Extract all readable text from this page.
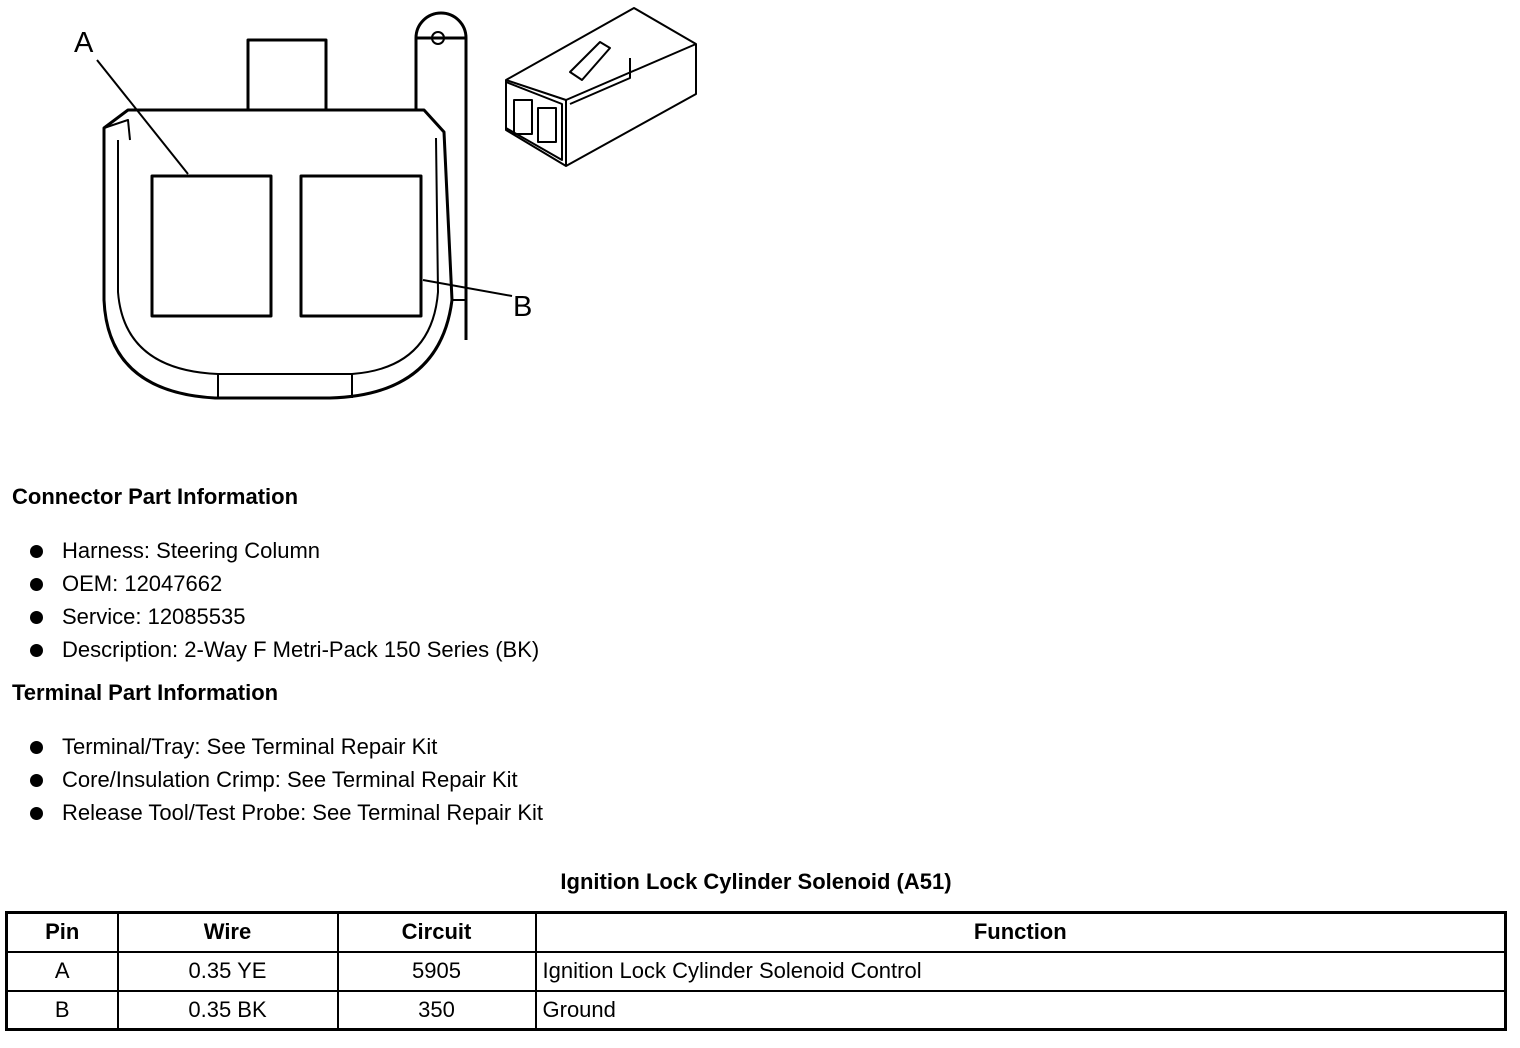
A
B
Connector Part Information
Harness: Steering Column
OEM: 12047662
Service: 12085535
Description: 2-Way F Metri-Pack 150 Series (BK)
Terminal Part Information
Terminal/Tray: See Terminal Repair Kit
Core/Insulation Crimp: See Terminal Repair Kit
Release Tool/Test Probe: See Terminal Repair Kit
Ignition Lock Cylinder Solenoid (A51)
Pin	Wire	Circuit	Function
A	0.35 YE	5905	Ignition Lock Cylinder Solenoid Control
B	0.35 BK	350	Ground
